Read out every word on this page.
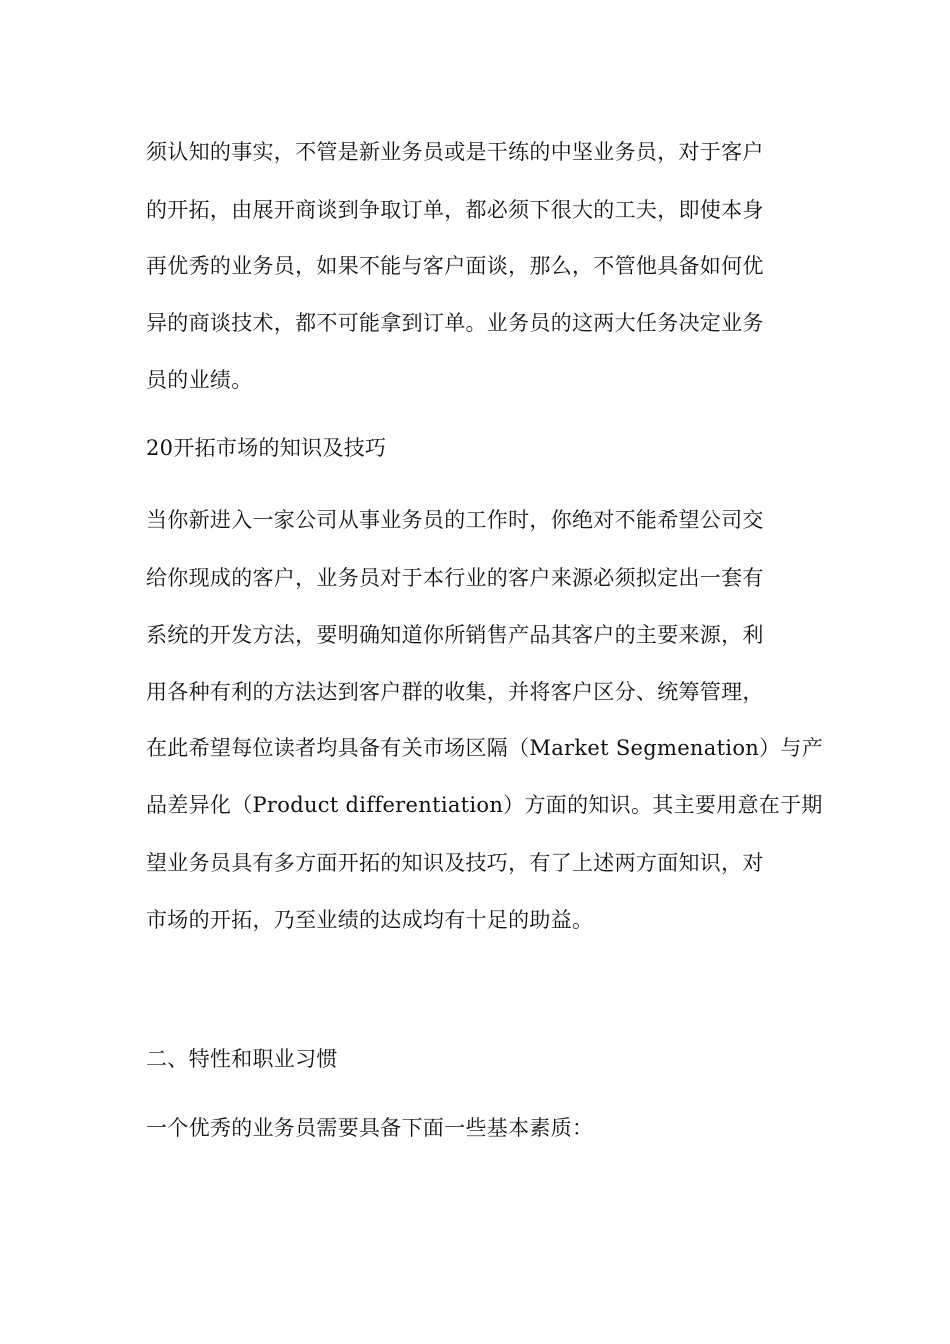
须认知的事实，不管是新业务员或是干练的中坚业务员，对于客户
的开拓，由展开商谈到争取订单，都必须下很大的工夫，即使本身
再优秀的业务员，如果不能与客户面谈，那么，不管他具备如何优
异的商谈技术，都不可能拿到订单。业务员的这两大任务决定业务
员的业绩。
20开拓市场的知识及技巧
当你新进入一家公司从事业务员的工作时，你绝对不能希望公司交
给你现成的客户，业务员对于本行业的客户来源必须拟定出一套有
系统的开发方法，要明确知道你所销售产品其客户的主要来源，利
用各种有利的方法达到客户群的收集，并将客户区分、统筹管理，
在此希望每位读者均具备有关市场区隔（Market Segmenation）与产
品差异化（Product differentiation）方面的知识。其主要用意在于期
望业务员具有多方面开拓的知识及技巧，有了上述两方面知识，对
市场的开拓，乃至业绩的达成均有十足的助益。
二、特性和职业习惯
一个优秀的业务员需要具备下面一些基本素质：
